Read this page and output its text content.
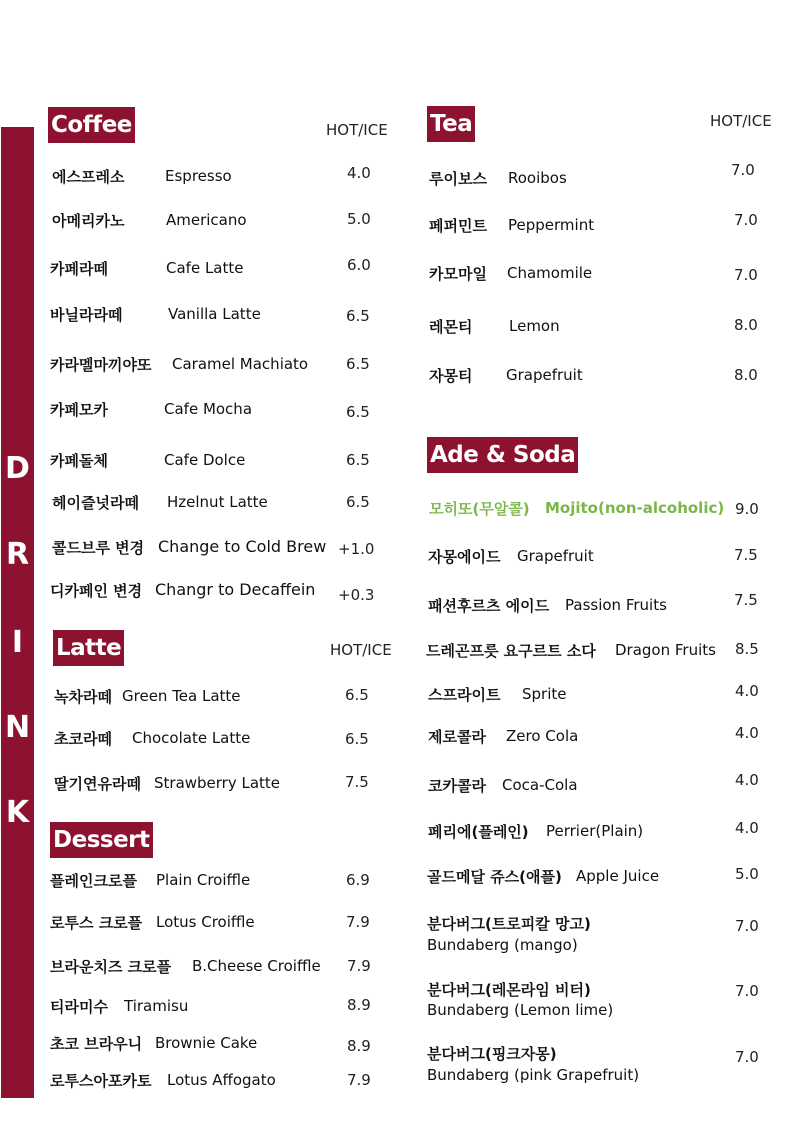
D
R
I
N
K
Coffee	HOT/ICE
에스프레소	Espresso	4.0
아메리카노	Americano	5.0
카페라떼	Cafe Latte	6.0
바닐라라떼	Vanilla Latte	6.5
카라멜마끼야또 Caramel Machiato	6.5
카페모카	Cafe Mocha	6.5
카페돌체	Cafe Dolce	6.5
헤이즐넛라떼 Hzelnut Latte	6.5
콜드브루 변경 Change to Cold Brew +1.0
디카페인 변경 Changr to Decaffein +0.3
Latte	HOT/ICE
녹차라떼 Green Tea Latte	6.5
초코라떼 Chocolate Latte	6.5
딸기연유라떼 Strawberry Latte	7.5
Dessert
플레인크로플 Plain Croiffle	6.9
로투스 크로플 Lotus Croiffle	7.9
브라운치즈 크로플 B.Cheese Croiffle 7.9
티라미수 Tiramisu	8.9
초코 브라우니 Brownie Cake	8.9
로투스아포카토 Lotus Affogato	7.9
Tea	HOT/ICE
루이보스 Rooibos	7.0
페퍼민트 Peppermint	7.0
카모마일 Chamomile	7.0
레몬티 Lemon	8.0
자몽티 Grapefruit	8.0
Ade & Soda
모히또(무알콜) Mojito(non-alcoholic) 9.0
자몽에이드 Grapefruit	7.5
패션후르츠 에이드 Passion Fruits	7.5
드레곤프릇 요구르트 소다 Dragon Fruits 8.5
스프라이트 Sprite	4.0
제로콜라 Zero Cola	4.0
코카콜라 Coca-Cola	4.0
페리에(플레인) Perrier(Plain)	4.0
골드메달 쥬스(애플) Apple Juice	5.0
분다버그(트로피칼 망고)
Bundaberg (mango)
7.0
분다버그(레몬라임 비터)
Bundaberg (Lemon lime)
7.0
분다버그(핑크자몽)
Bundaberg (pink Grapefruit)
7.0
